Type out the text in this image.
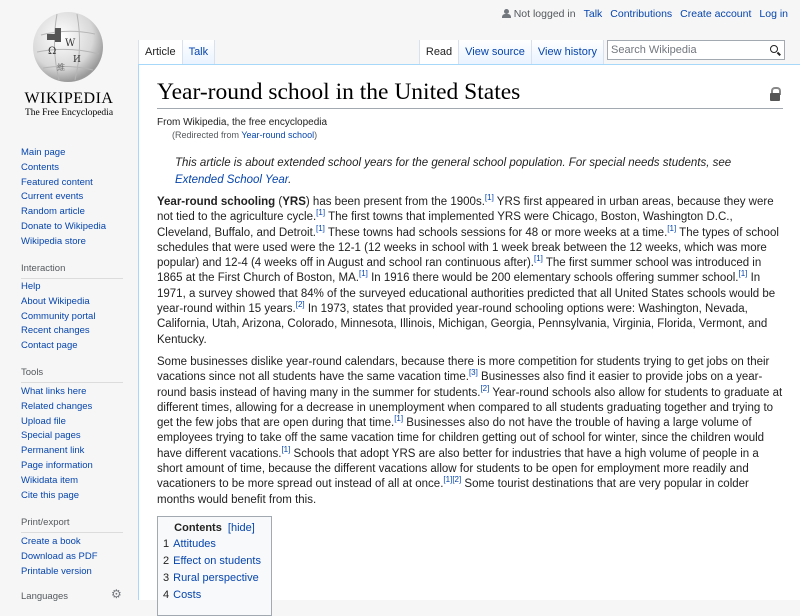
Ω
W
И
維
WIKIPEDIA
The Free Encyclopedia
Not logged in Talk Contributions Create account Log in
Article	Talk	Read	View source	View history	Search Wikipedia
Main page
Contents
Featured content
Current events
Random article
Donate to Wikipedia
Wikipedia store
Interaction
Help
About Wikipedia
Community portal
Recent changes
Contact page
Tools
What links here
Related changes
Upload file
Special pages
Permanent link
Page information
Wikidata item
Cite this page
Print/export
Create a book
Download as PDF
Printable version
Languages	⚙
Year-round school in the United States
From Wikipedia, the free encyclopedia
(Redirected from Year-round school)
This article is about extended school years for the general school population. For special needs students, see Extended School Year.
Year-round schooling (YRS) has been present from the 1900s.[1] YRS first appeared in urban areas, because they were not tied to the agriculture cycle.[1] The first towns that implemented YRS were Chicago, Boston, Washington D.C., Cleveland, Buffalo, and Detroit.[1] These towns had schools sessions for 48 or more weeks at a time.[1] The types of school schedules that were used were the 12-1 (12 weeks in school with 1 week break between the 12 weeks, which was more popular) and 12-4 (4 weeks off in August and school ran continuous after).[1] The first summer school was introduced in 1865 at the First Church of Boston, MA.[1] In 1916 there would be 200 elementary schools offering summer school.[1] In 1971, a survey showed that 84% of the surveyed educational authorities predicted that all United States schools would be year-round within 15 years.[2] In 1973, states that provided year-round schooling options were: Washington, Nevada, California, Utah, Arizona, Colorado, Minnesota, Illinois, Michigan, Georgia, Pennsylvania, Virginia, Florida, Vermont, and Kentucky.
Some businesses dislike year-round calendars, because there is more competition for students trying to get jobs on their vacations since not all students have the same vacation time.[3] Businesses also find it easier to provide jobs on a year-round basis instead of having many in the summer for students.[2] Year-round schools also allow for students to graduate at different times, allowing for a decrease in unemployment when compared to all students graduating together and trying to get the few jobs that are open during that time.[1] Businesses also do not have the trouble of having a large volume of employees trying to take off the same vacation time for children getting out of school for winter, since the children would have different vacations.[1] Schools that adopt YRS are also better for industries that have a high volume of people in a short amount of time, because the different vacations allow for students to be open for employment more readily and vacationers to be more spread out instead of all at once.[1][2] Some tourist destinations that are very popular in colder months would benefit from this.
Contents [hide]
1 Attitudes
2 Effect on students
3 Rural perspective
4 Costs
